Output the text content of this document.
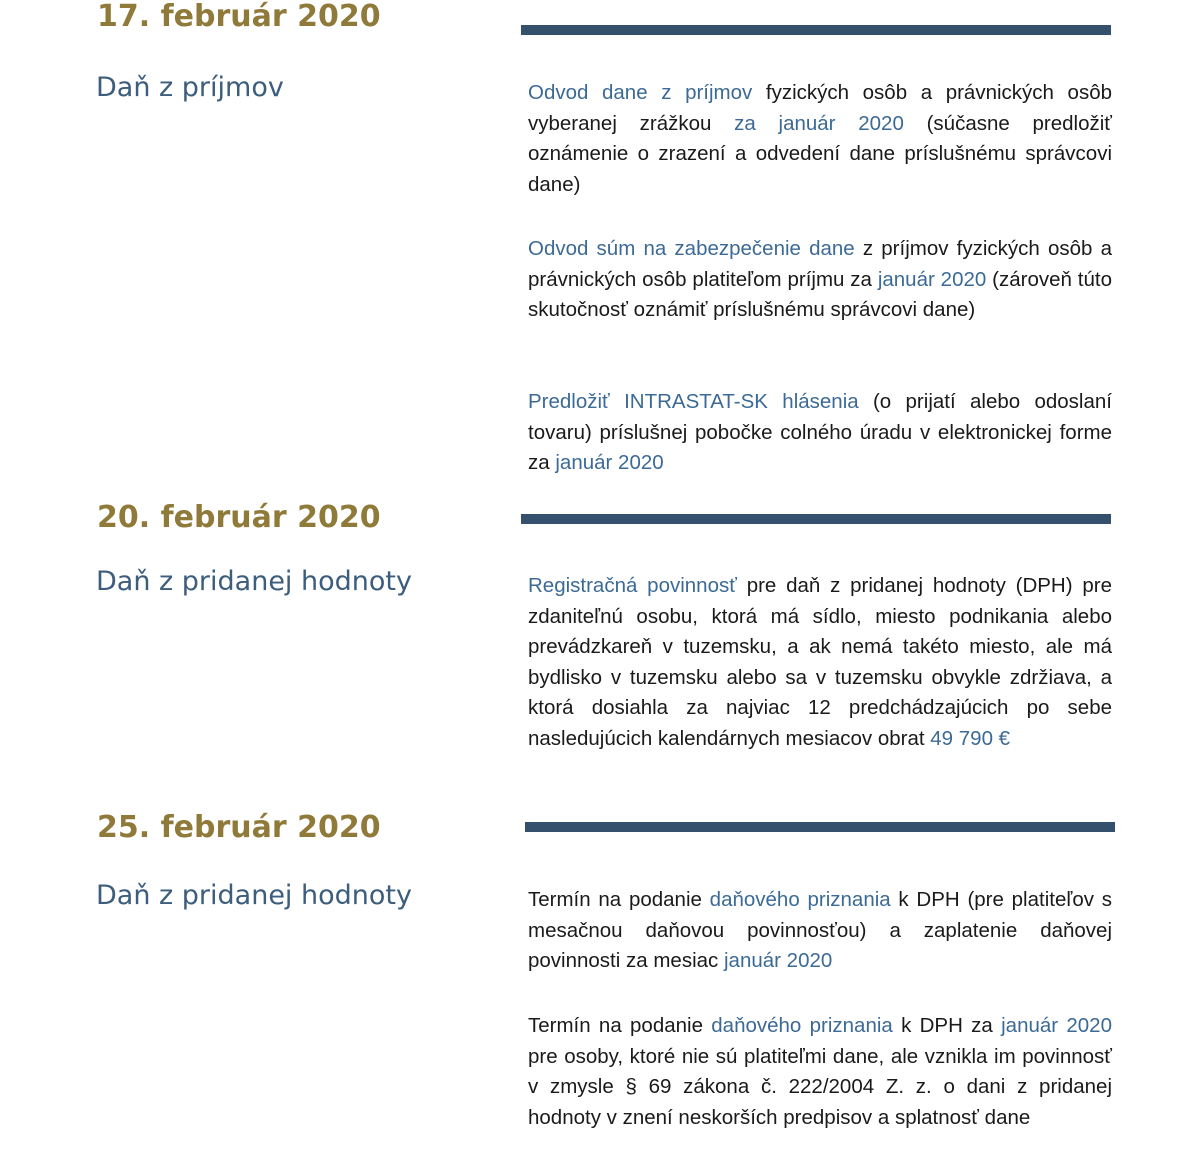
17. február 2020
Daň z príjmov	Odvod dane z príjmov fyzických osôb a právnických osôb vyberanej zrážkou za január 2020 (súčasne predložiť oznámenie o zrazení a odvedení dane príslušnému správcovi dane)

Odvod súm na zabezpečenie dane z príjmov fyzických osôb a právnických osôb platiteľom príjmu za január 2020 (zároveň túto skutočnosť oznámiť príslušnému správcovi dane)

Predložiť INTRASTAT-SK hlásenia (o prijatí alebo odoslaní tovaru) príslušnej pobočke colného úradu v elektronickej forme za január 2020

20. február 2020
Daň z pridanej hodnoty	Registračná povinnosť pre daň z pridanej hodnoty (DPH) pre zdaniteľnú osobu, ktorá má sídlo, miesto podnikania alebo prevádzkareň v tuzemsku, a ak nemá takéto miesto, ale má bydlisko v tuzemsku alebo sa v tuzemsku obvykle zdržiava, a ktorá dosiahla za najviac 12 predchádzajúcich po sebe nasledujúcich kalendárnych mesiacov obrat 49 790 €

25. február 2020
Daň z pridanej hodnoty	Termín na podanie daňového priznania k DPH (pre platiteľov s mesačnou daňovou povinnosťou) a zaplatenie daňovej povinnosti za mesiac január 2020

Termín na podanie daňového priznania k DPH za január 2020 pre osoby, ktoré nie sú platiteľmi dane, ale vznikla im povinnosť v zmysle § 69 zákona č. 222/2004 Z. z. o dani z pridanej hodnoty v znení neskorších predpisov a splatnosť dane
